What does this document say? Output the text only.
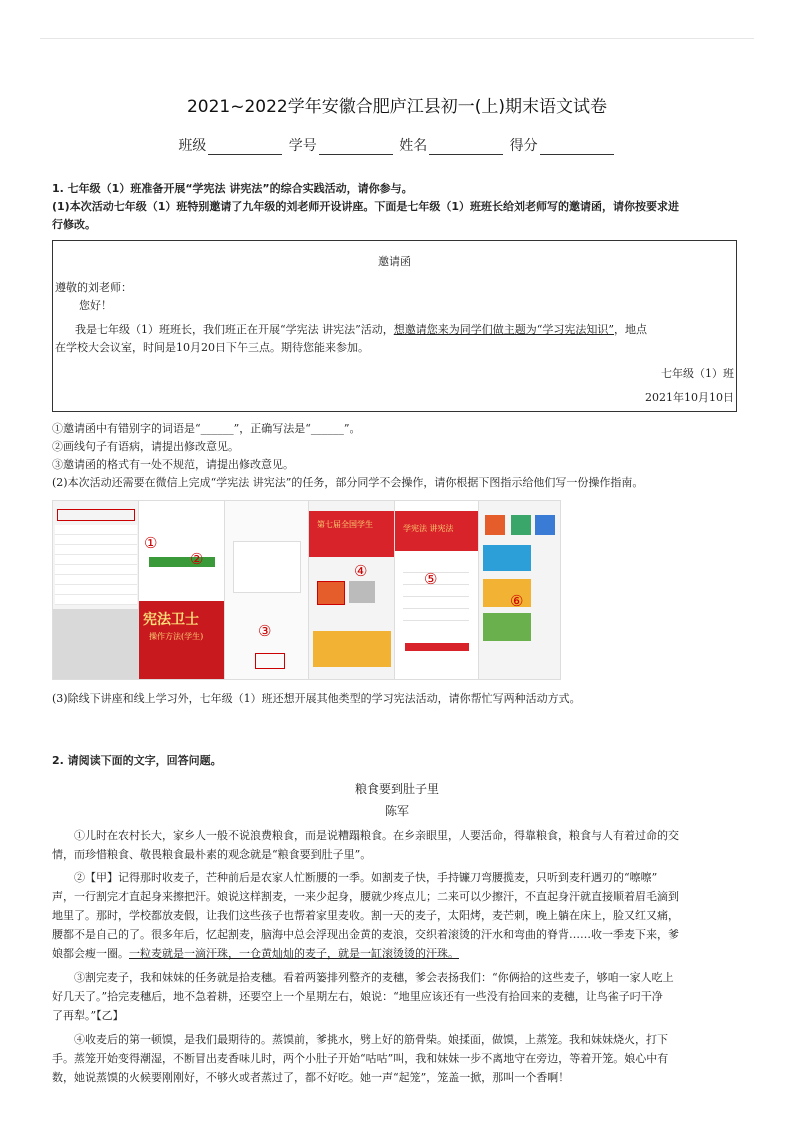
2021~2022学年安徽合肥庐江县初一(上)期末语文试卷
班级	学号	姓名	得分
1. 七年级（1）班准备开展“学宪法 讲宪法”的综合实践活动，请你参与。
(1)本次活动七年级（1）班特别邀请了九年级的刘老师开设讲座。下面是七年级（1）班班长给刘老师写的邀请函，请你按要求进
行修改。
邀请函
遵敬的刘老师：
您好！
我是七年级（1）班班长，我们班正在开展“学宪法 讲宪法”活动，想邀请您来为同学们做主题为“学习宪法知识”，地点
在学校大会议室，时间是10月20日下午三点。期待您能来参加。
七年级（1）班
2021年10月10日
①邀请函中有错别字的词语是“______”，正确写法是“______”。
②画线句子有语病，请提出修改意见。
③邀请函的格式有一处不规范，请提出修改意见。
(2)本次活动还需要在微信上完成“学宪法 讲宪法”的任务，部分同学不会操作，请你根据下图指示给他们写一份操作指南。
宪法卫士
操作方法(学生)
第七届全国学生	学宪法 讲宪法
①
②
③
④	⑤
⑥
(3)除线下讲座和线上学习外，七年级（1）班还想开展其他类型的学习宪法活动，请你帮忙写两种活动方式。
2. 请阅读下面的文字，回答问题。
粮食要到肚子里
陈军
①儿时在农村长大，家乡人一般不说浪费粮食，而是说糟蹋粮食。在乡亲眼里，人要活命，得靠粮食，粮食与人有着过命的交
情，而珍惜粮食、敬畏粮食最朴素的观念就是“粮食要到肚子里”。
②【甲】记得那时收麦子，芒种前后是农家人忙断腰的一季。如割麦子快，手持镰刀弯腰揽麦，只听到麦秆遇刃的“嚓嚓”
声，一行割完才直起身来擦把汗。娘说这样割麦，一来少起身，腰就少疼点儿；二来可以少擦汗，不直起身汗就直接顺着眉毛滴到
地里了。那时，学校都放麦假，让我们这些孩子也帮着家里麦收。割一天的麦子，太阳烤，麦芒刺，晚上躺在床上，脸又红又痛，
腰都不是自己的了。很多年后，忆起割麦，脑海中总会浮现出金黄的麦浪，交织着滚烫的汗水和弯曲的脊背……收一季麦下来，爹
娘都会瘦一圈。一粒麦就是一滴汗珠，一仓黄灿灿的麦子，就是一缸滚烫烫的汗珠。
③割完麦子，我和妹妹的任务就是拾麦穗。看着两篓排列整齐的麦穗，爹会表扬我们：“你俩拾的这些麦子，够咱一家人吃上
好几天了。”拾完麦穗后，地不急着耕，还要空上一个星期左右，娘说：“地里应该还有一些没有拾回来的麦穗，让鸟雀子叼干净
了再犁。”【乙】
④收麦后的第一顿馍，是我们最期待的。蒸馍前，爹挑水，劈上好的筋骨柴。娘揉面，做馍，上蒸笼。我和妹妹烧火，打下
手。蒸笼开始变得潮湿，不断冒出麦香味儿时，两个小肚子开始“咕咕”叫，我和妹妹一步不离地守在旁边，等着开笼。娘心中有
数，她说蒸馍的火候要刚刚好，不够火或者蒸过了，都不好吃。她一声“起笼”，笼盖一掀，那叫一个香啊！
